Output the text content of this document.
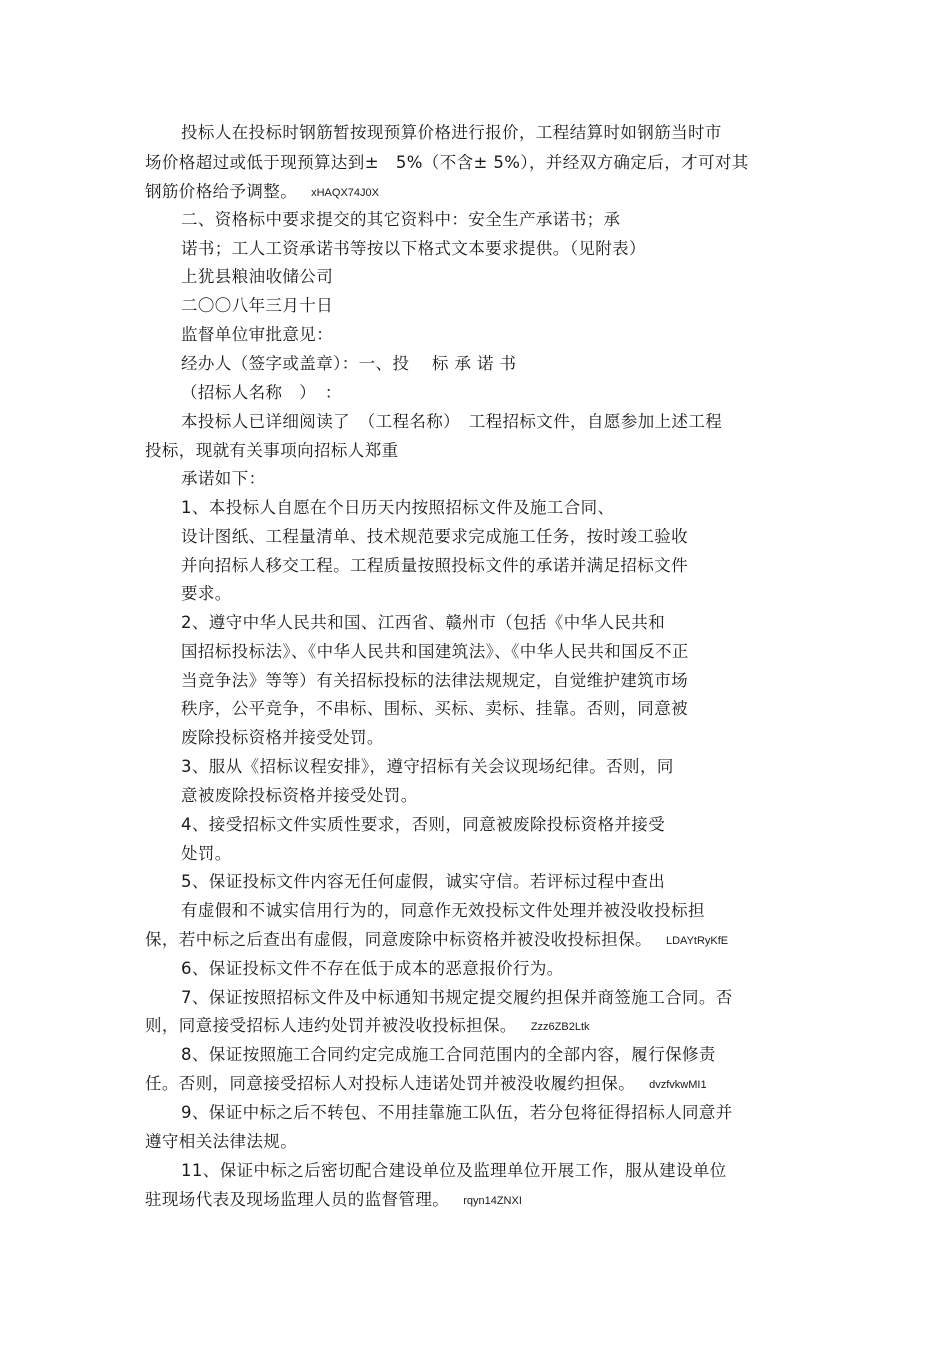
投标人在投标时钢筋暂按现预算价格进行报价，工程结算时如钢筋当时市
场价格超过或低于现预算达到±　5%（不含± 5%），并经双方确定后，才可对其
钢筋价格给予调整。 xHAQX74J0X
二、资格标中要求提交的其它资料中：安全生产承诺书；承
诺书；工人工资承诺书等按以下格式文本要求提供。（见附表）
上犹县粮油收储公司
二〇〇八年三月十日
监督单位审批意见：
经办人（签字或盖章）：一、投　 标 承 诺 书
（招标人名称　）　：
本投标人已详细阅读了　（工程名称）　工程招标文件，自愿参加上述工程
投标，现就有关事项向招标人郑重
承诺如下：
1、本投标人自愿在个日历天内按照招标文件及施工合同、
设计图纸、工程量清单、技术规范要求完成施工任务，按时竣工验收
并向招标人移交工程。工程质量按照投标文件的承诺并满足招标文件
要求。
2、遵守中华人民共和国、江西省、赣州市（包括《中华人民共和
国招标投标法》、《中华人民共和国建筑法》、《中华人民共和国反不正
当竞争法》等等）有关招标投标的法律法规规定，自觉维护建筑市场
秩序，公平竞争，不串标、围标、买标、卖标、挂靠。否则，同意被
废除投标资格并接受处罚。
3、服从《招标议程安排》，遵守招标有关会议现场纪律。否则，同
意被废除投标资格并接受处罚。
4、接受招标文件实质性要求，否则，同意被废除投标资格并接受
处罚。
5、保证投标文件内容无任何虚假，诚实守信。若评标过程中查出
有虚假和不诚实信用行为的，同意作无效投标文件处理并被没收投标担
保，若中标之后查出有虚假，同意废除中标资格并被没收投标担保。 LDAYtRyKfE
6、保证投标文件不存在低于成本的恶意报价行为。
7、保证按照招标文件及中标通知书规定提交履约担保并商签施工合同。否
则，同意接受招标人违约处罚并被没收投标担保。 Zzz6ZB2Ltk
8、保证按照施工合同约定完成施工合同范围内的全部内容，履行保修责
任。否则，同意接受招标人对投标人违诺处罚并被没收履约担保。 dvzfvkwMI1
9、保证中标之后不转包、不用挂靠施工队伍，若分包将征得招标人同意并
遵守相关法律法规。
11、保证中标之后密切配合建设单位及监理单位开展工作，服从建设单位
驻现场代表及现场监理人员的监督管理。 rqyn14ZNXI
